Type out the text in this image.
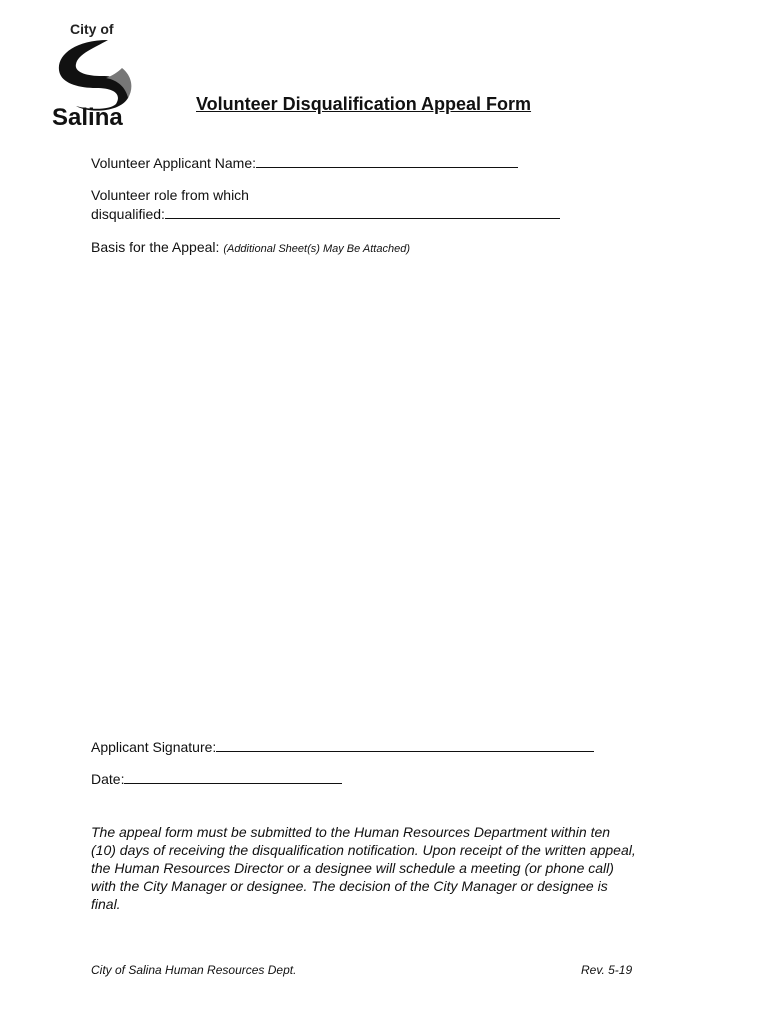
City of
Salina	Volunteer Disqualification Appeal Form
Volunteer Applicant Name:
Volunteer role from which
disqualified:
Basis for the Appeal: (Additional Sheet(s) May Be Attached)
Applicant Signature:
Date:
The appeal form must be submitted to the Human Resources Department within ten
(10) days of receiving the disqualification notification. Upon receipt of the written appeal,
the Human Resources Director or a designee will schedule a meeting (or phone call)
with the City Manager or designee. The decision of the City Manager or designee is
final.
City of Salina Human Resources Dept.	Rev. 5-19
